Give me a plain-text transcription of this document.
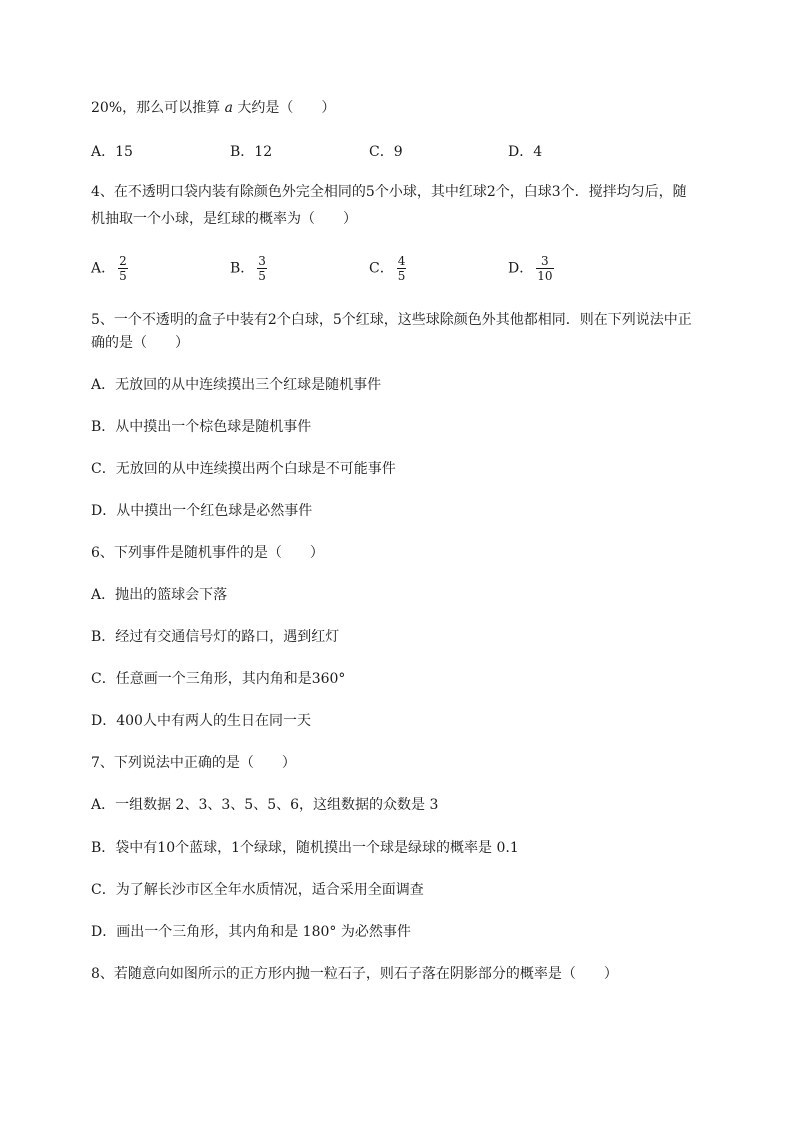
20%，那么可以推算 a 大约是（　　）
A．15	B．12	C．9	D．4
4、在不透明口袋内装有除颜色外完全相同的5个小球，其中红球2个，白球3个．搅拌均匀后，随
机抽取一个小球，是红球的概率为（　　）
A． $\frac{2}{5}$	B． $\frac{3}{5}$	C． $\frac{4}{5}$	D． $\frac{3}{10}$
5、一个不透明的盒子中装有2个白球，5个红球，这些球除颜色外其他都相同．则在下列说法中正
确的是（　　）
A．无放回的从中连续摸出三个红球是随机事件
B．从中摸出一个棕色球是随机事件
C．无放回的从中连续摸出两个白球是不可能事件
D．从中摸出一个红色球是必然事件
6、下列事件是随机事件的是（　　）
A．抛出的篮球会下落
B．经过有交通信号灯的路口，遇到红灯
C．任意画一个三角形，其内角和是360°
D．400人中有两人的生日在同一天
7、下列说法中正确的是（　　）
A．一组数据 2、3、3、5、5、6，这组数据的众数是 3
B．袋中有10个蓝球，1个绿球，随机摸出一个球是绿球的概率是 0.1
C．为了解长沙市区全年水质情况，适合采用全面调查
D．画出一个三角形，其内角和是 180° 为必然事件
8、若随意向如图所示的正方形内抛一粒石子，则石子落在阴影部分的概率是（　　）
